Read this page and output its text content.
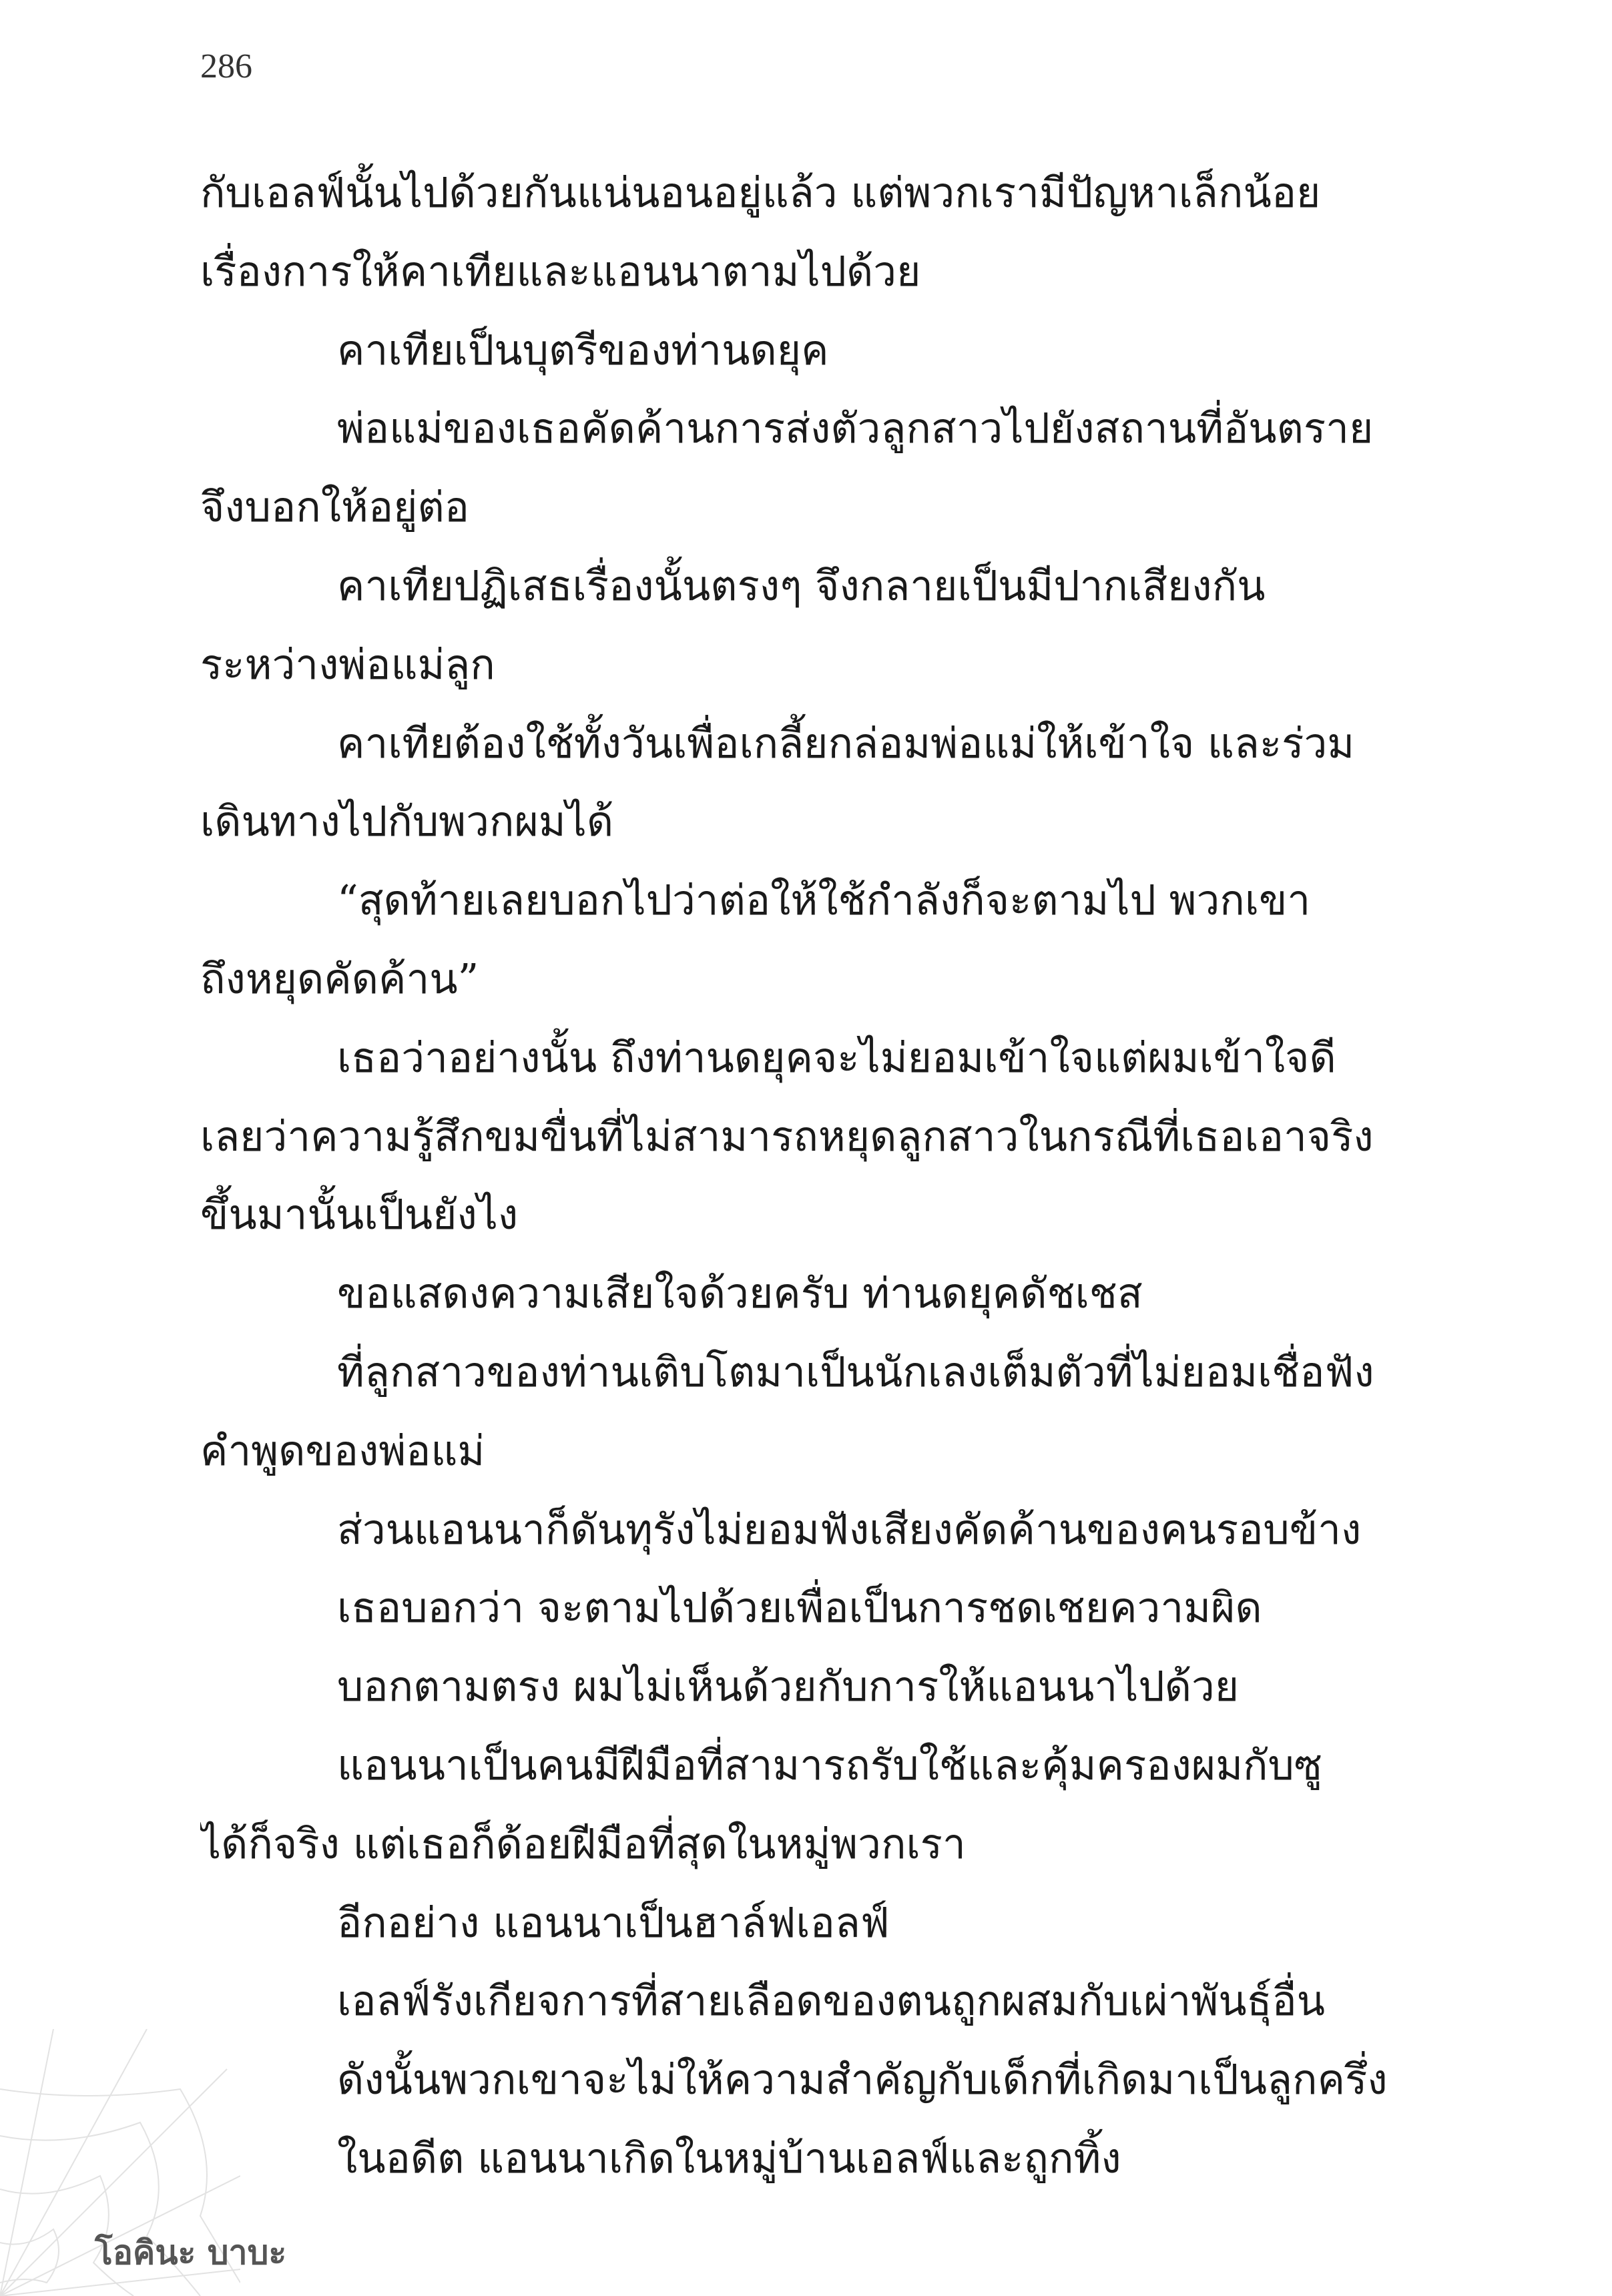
286
กับเอลฟ์นั้นไปด้วยกันแน่นอนอยู่แล้ว แต่พวกเรามีปัญหาเล็กน้อย
เรื่องการให้คาเทียและแอนนาตามไปด้วย
คาเทียเป็นบุตรีของท่านดยุค
พ่อแม่ของเธอคัดค้านการส่งตัวลูกสาวไปยังสถานที่อันตราย
จึงบอกให้อยู่ต่อ
คาเทียปฏิเสธเรื่องนั้นตรงๆ จึงกลายเป็นมีปากเสียงกัน
ระหว่างพ่อแม่ลูก
คาเทียต้องใช้ทั้งวันเพื่อเกลี้ยกล่อมพ่อแม่ให้เข้าใจ และร่วม
เดินทางไปกับพวกผมได้
“สุดท้ายเลยบอกไปว่าต่อให้ใช้กำลังก็จะตามไป พวกเขา
ถึงหยุดคัดค้าน”
เธอว่าอย่างนั้น ถึงท่านดยุคจะไม่ยอมเข้าใจแต่ผมเข้าใจดี
เลยว่าความรู้สึกขมขื่นที่ไม่สามารถหยุดลูกสาวในกรณีที่เธอเอาจริง
ขึ้นมานั้นเป็นยังไง
ขอแสดงความเสียใจด้วยครับ ท่านดยุคดัชเชส
ที่ลูกสาวของท่านเติบโตมาเป็นนักเลงเต็มตัวที่ไม่ยอมเชื่อฟัง
คำพูดของพ่อแม่
ส่วนแอนนาก็ดันทุรังไม่ยอมฟังเสียงคัดค้านของคนรอบข้าง
เธอบอกว่า จะตามไปด้วยเพื่อเป็นการชดเชยความผิด
บอกตามตรง ผมไม่เห็นด้วยกับการให้แอนนาไปด้วย
แอนนาเป็นคนมีฝีมือที่สามารถรับใช้และคุ้มครองผมกับซู
ได้ก็จริง แต่เธอก็ด้อยฝีมือที่สุดในหมู่พวกเรา
อีกอย่าง แอนนาเป็นฮาล์ฟเอลฟ์
เอลฟ์รังเกียจการที่สายเลือดของตนถูกผสมกับเผ่าพันธุ์อื่น
ดังนั้นพวกเขาจะไม่ให้ความสำคัญกับเด็กที่เกิดมาเป็นลูกครึ่ง
ในอดีต แอนนาเกิดในหมู่บ้านเอลฟ์และถูกทิ้ง
โอคินะ บาบะ
